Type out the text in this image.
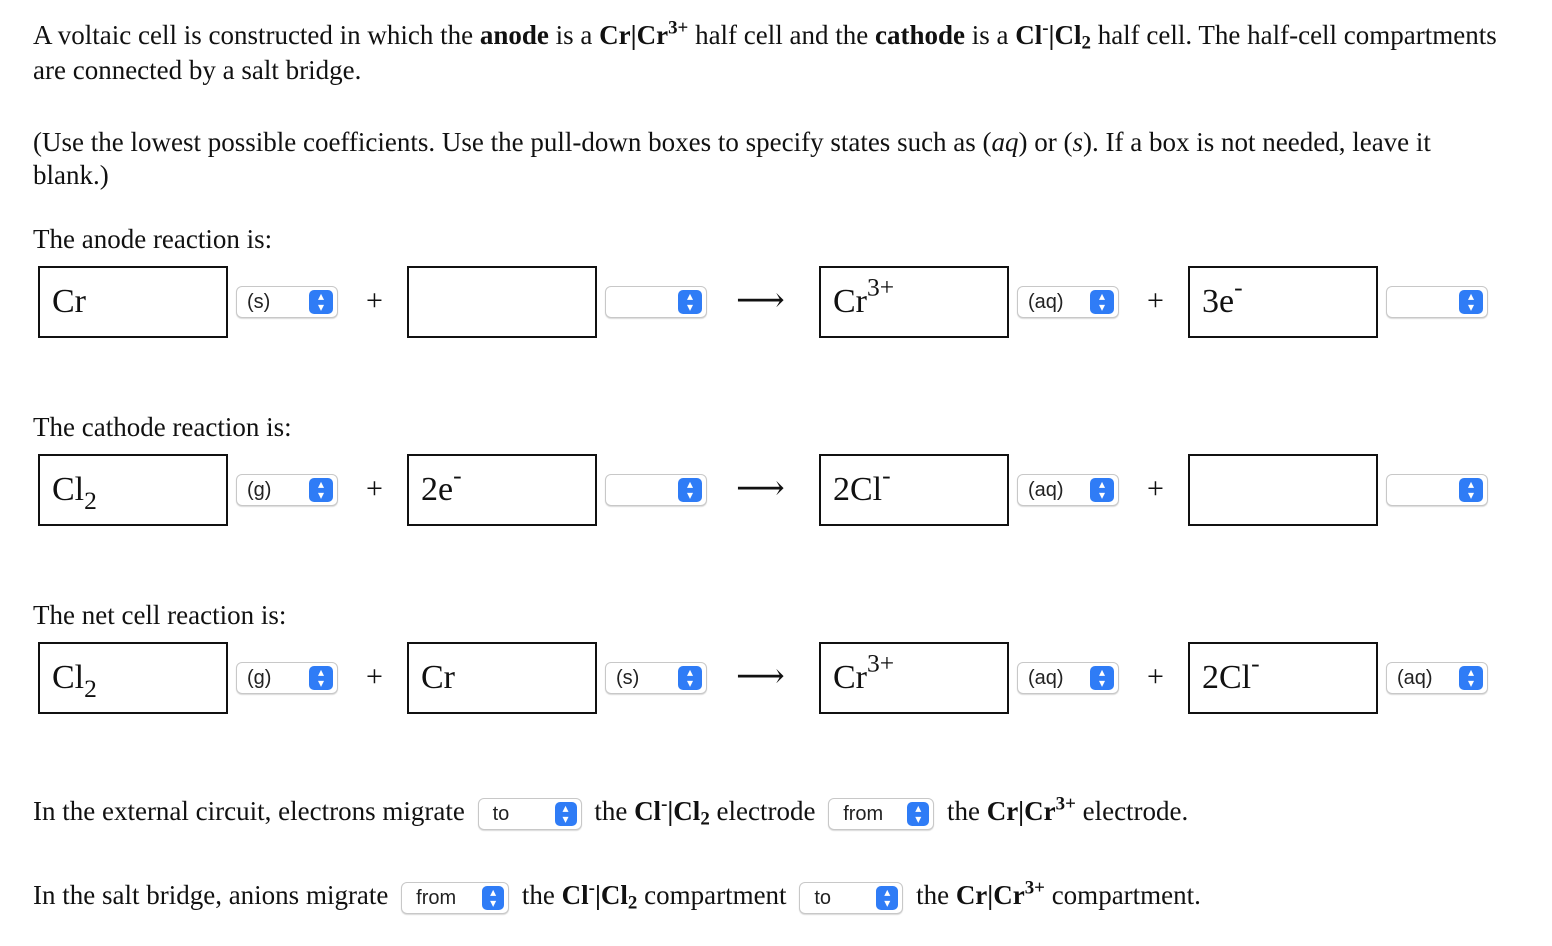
A voltaic cell is constructed in which the anode is a $Cr|Cr^{3+}$ half cell and the cathode is a $Cl^-|Cl_2$ half cell. The half-cell compartments are connected by a salt bridge.
(Use the lowest possible coefficients. Use the pull-down boxes to specify states such as (aq) or (s). If a box is not needed, leave it blank.)
The anode reaction is:
Cr	(s)	▴
▾ +	▴
▾ ⟶	$Cr^{3+}$
(aq)	▴
▾ +	3e-	▴
▾
The cathode reaction is:
$Cl_2$	(g)	▴
▾ +	2e-	▴
▾ ⟶	2Cl-
(aq)	▴
▾ +	▴
▾
The net cell reaction is:
$Cl_2$	(g)	▴
▾ +	Cr	(s)	▴
▾ ⟶	$Cr^{3+}$
(aq)	▴
▾ +	2Cl-
(aq)	▴
▾
In the external circuit, electrons migrate to	▴
▾ the $Cl^-|Cl_2$ electrode from	▴
▾ the $Cr|Cr^{3+}$ electrode.
In the salt bridge, anions migrate from	▴
▾ the $Cl^-|Cl_2$ compartment to	▴
▾ the $Cr|Cr^{3+}$ compartment.
